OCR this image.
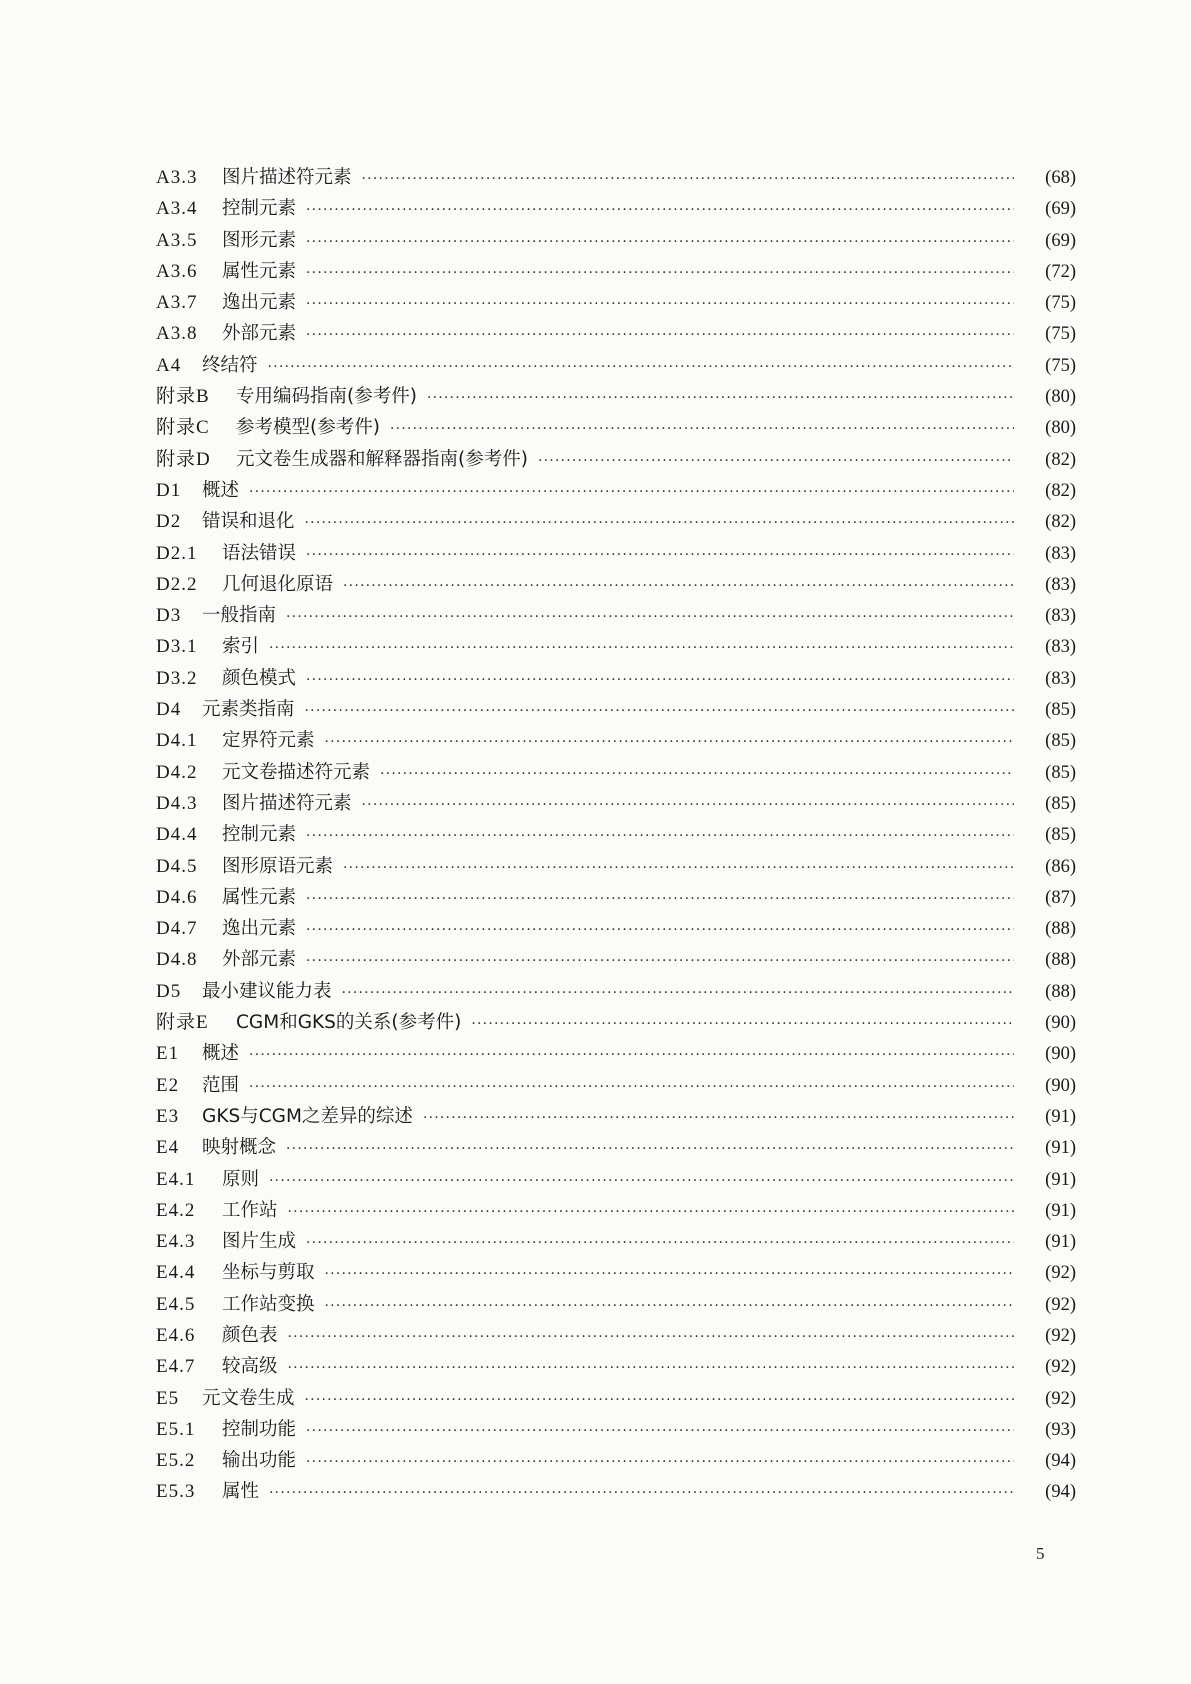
A3.3	图片描述符元素 ·····	(68)
A3.4	控制元素 ·····	(69)
A3.5	图形元素 ·····	(69)
A3.6	属性元素 ·····	(72)
A3.7	逸出元素 ·····	(75)
A3.8	外部元素 ·····	(75)
A4	终结符 ·····	(75)
附录B	专用编码指南(参考件) ·····	(80)
附录C	参考模型(参考件) ·····	(80)
附录D	元文卷生成器和解释器指南(参考件) ·····	(82)
D1	概述 ·····	(82)
D2	错误和退化 ·····	(82)
D2.1	语法错误 ·····	(83)
D2.2	几何退化原语 ·····	(83)
D3	一般指南 ·····	(83)
D3.1	索引 ·····	(83)
D3.2	颜色模式 ·····	(83)
D4	元素类指南 ·····	(85)
D4.1	定界符元素 ·····	(85)
D4.2	元文卷描述符元素 ·····	(85)
D4.3	图片描述符元素 ·····	(85)
D4.4	控制元素 ·····	(85)
D4.5	图形原语元素 ·····	(86)
D4.6	属性元素 ·····	(87)
D4.7	逸出元素 ·····	(88)
D4.8	外部元素 ·····	(88)
D5	最小建议能力表 ·····	(88)
附录E	CGM和GKS的关系(参考件) ·····	(90)
E1	概述 ·····	(90)
E2	范围 ·····	(90)
E3	GKS与CGM之差异的综述 ·····	(91)
E4	映射概念 ·····	(91)
E4.1	原则 ·····	(91)
E4.2	工作站 ·····	(91)
E4.3	图片生成 ·····	(91)
E4.4	坐标与剪取 ·····	(92)
E4.5	工作站变换 ·····	(92)
E4.6	颜色表 ·····	(92)
E4.7	较高级 ·····	(92)
E5	元文卷生成 ·····	(92)
E5.1	控制功能 ·····	(93)
E5.2	输出功能 ·····	(94)
E5.3	属性 ·····	(94)
5
